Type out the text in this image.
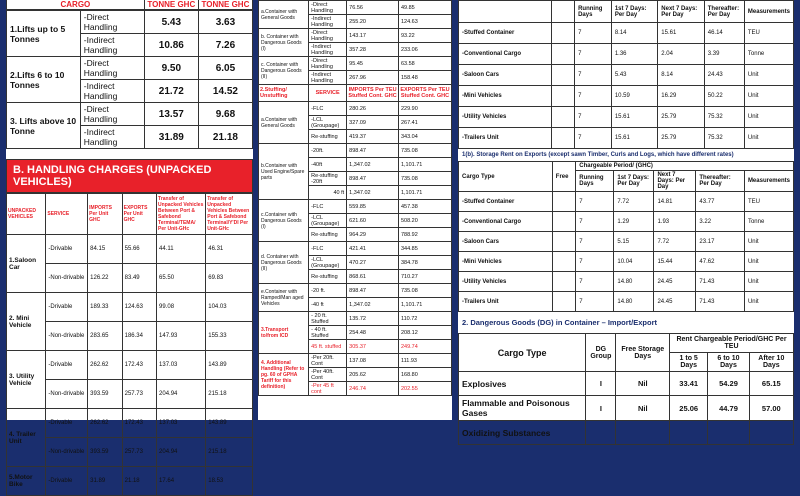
CARGO	TONNE GHC	TONNE GHC
1.Lifts up to 5 Tonnes	-Direct Handling	5.43	3.63
	-Indirect Handling	10.86	7.26
2.Lifts 6 to 10 Tonnes	-Direct Handling	9.50	6.05
	-Indirect Handling	21.72	14.52
3. Lifts above 10 Tonne	-Direct Handling	13.57	9.68
	-Indirect Handling	31.89	21.18
B. HANDLING CHARGES (UNPACKED VEHICLES)
UNPACKED VEHICLES	SERVICE	IMPORTS Per Unit GHC	EXPORTS Per Unit GHC	Transfer of Unpacked Vehicles Between Port & Safebond Terminal/TEMA/ Per Unit-GHc	Transfer of Unpacked Vehicles Between Port & Safebond Terminal/Y'DI Per Unit-GHc
1.Saloon Car	-Drivable	84.15	55.66	44.11	46.31
	-Non-drivable	126.22	83.49	65.50	69.83
2. Mini Vehicle	-Drivable	189.33	124.63	99.08	104.03
	-Non-drivable	283.65	186.34	147.93	155.33
3. Utility Vehicle	-Drivable	262.62	172.43	137.03	143.89
	-Non-drivable	393.59	257.73	204.94	215.18
4. Trailer Unit	-Drivable	262.62	172.43	137.03	143.89
	-Non-drivable	393.59	257.73	204.94	215.18
5.Motor Bike	-Drivable	31.89	21.18	17.64	18.53
a.Container with General Goods	-Direct Handling	76.56	49.85
	-Indirect Handling	255.20	124.63
b. Container with Dangerous Goods (I)	-Direct Handling	143.17	93.22
	-Indirect Handling	357.28	233.06
c. Container with Dangerous Goods (II)	-Direct Handling	95.45	63.58
	-Indirect Handling	267.96	158.48
2.Stuffing/ Unstuffing	SERVICE	IMPORTS Per TEU Stuffed Cont. GHC	EXPORTS Per TEU Stuffed Cont. GHC
a.Container with General Goods	-FLC	280.26	229.90
	-LCL (Groupage)	327.09	267.41
	Re-stuffing	419.37	343.04
b.Container with Used Engine/Spare parts	-20ft.	898.47	735.08
	-40ft	1,347.02	1,101.71
	Re-stuffing -20ft	898.47	735.08
	40 ft	1,347.02	1,101.71
c.Container with Dangerous Goods (I)	-FLC	559.85	457.38
	-LCL (Groupage)	621.60	508.20
	Re-stuffing	964.29	788.92
d. Container with Dangerous Goods (II)	-FLC	421.41	344.85
	-LCL (Groupage)	470.27	384.78
	Re-stuffing	868.61	710.27
e.Container with Ramped/Man aged Vehicles	-20 ft.	898.47	735.08
	-40 ft	1,347.02	1,101.71
3.Transport to/from ICD	- 20 ft. Stuffed	135.72	110.72
	- 40 ft. Stuffed	254.48	208.12
	45 ft. stuffed	305.37	249.74
4. Additional Handling (Refer to pg. 60 of GPHA Tariff for this definition)	-Per 20ft. Cont	137.08	111.93
	-Per 40ft. Cont	205.62	168.80
	-Per 45 ft cont	246.74	202.55
		Running Days	1st 7 Days: Per Day	Next 7 Days: Per Day	Thereafter: Per Day	Measurements
-Stuffed Container		7	8.14	15.61	46.14	TEU
-Conventional Cargo		7	1.36	2.04	3.39	Tonne
-Saloon Cars		7	5.43	8.14	24.43	Unit
-Mini Vehicles		7	10.59	16.29	50.22	Unit
-Utility Vehicles		7	15.61	25.79	75.32	Unit
-Trailers Unit		7	15.61	25.79	75.32	Unit
1(b). Storage Rent on Exports (except sawn Timber, Curls and Logs, which have different rates)
Cargo Type	Free	Chargeable Period/ (GHC)				
		Running Days	1st 7 Days: Per Day	Next 7 Days: Per Day	Thereafter: Per Day	Measurements
-Stuffed Container		7	7.72	14.81	43.77	TEU
-Conventional Cargo		7	1.29	1.93	3.22	Tonne
-Saloon Cars		7	5.15	7.72	23.17	Unit
-Mini Vehicles		7	10.04	15.44	47.62	Unit
-Utility Vehicles		7	14.80	24.45	71.43	Unit
-Trailers Unit		7	14.80	24.45	71.43	Unit
2. Dangerous Goods (DG) in Container – Import/Export
Cargo Type	DG Group	Free Storage Days	Rent Chargeable Period/GHC Per TEU		
			1 to 5 Days	6 to 10 Days	After 10 Days
Explosives	I	Nil	33.41	54.29	65.15
Flammable and Poisonous Gases	I	Nil	25.06	44.79	57.00
Oxidizing Substances					
